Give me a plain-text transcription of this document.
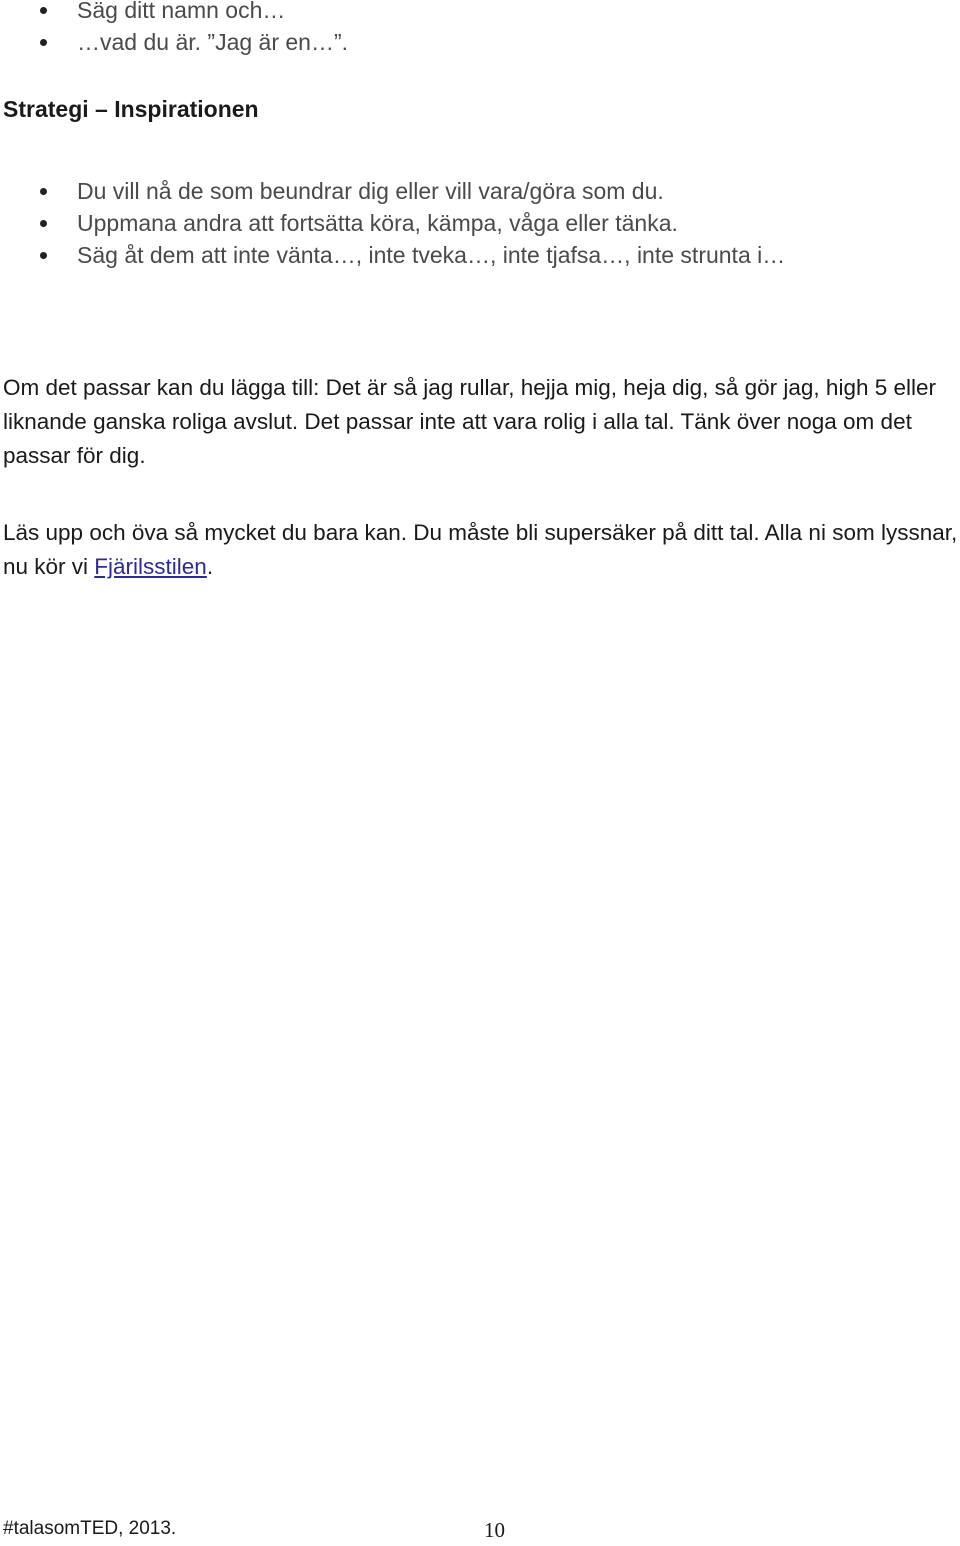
Säg ditt namn och…
…vad du är. ”Jag är en…”.
Strategi – Inspirationen
Du vill nå de som beundrar dig eller vill vara/göra som du.
Uppmana andra att fortsätta köra, kämpa, våga eller tänka.
Säg åt dem att inte vänta…, inte tveka…, inte tjafsa…, inte strunta i…

Om det passar kan du lägga till: Det är så jag rullar, hejja mig, heja dig, så gör jag, high 5 eller liknande ganska roliga avslut. Det passar inte att vara rolig i alla tal. Tänk över noga om det passar för dig.

Läs upp och öva så mycket du bara kan. Du måste bli supersäker på ditt tal. Alla ni som lyssnar, nu kör vi Fjärilsstilen.

#talasomTED, 2013.	10
